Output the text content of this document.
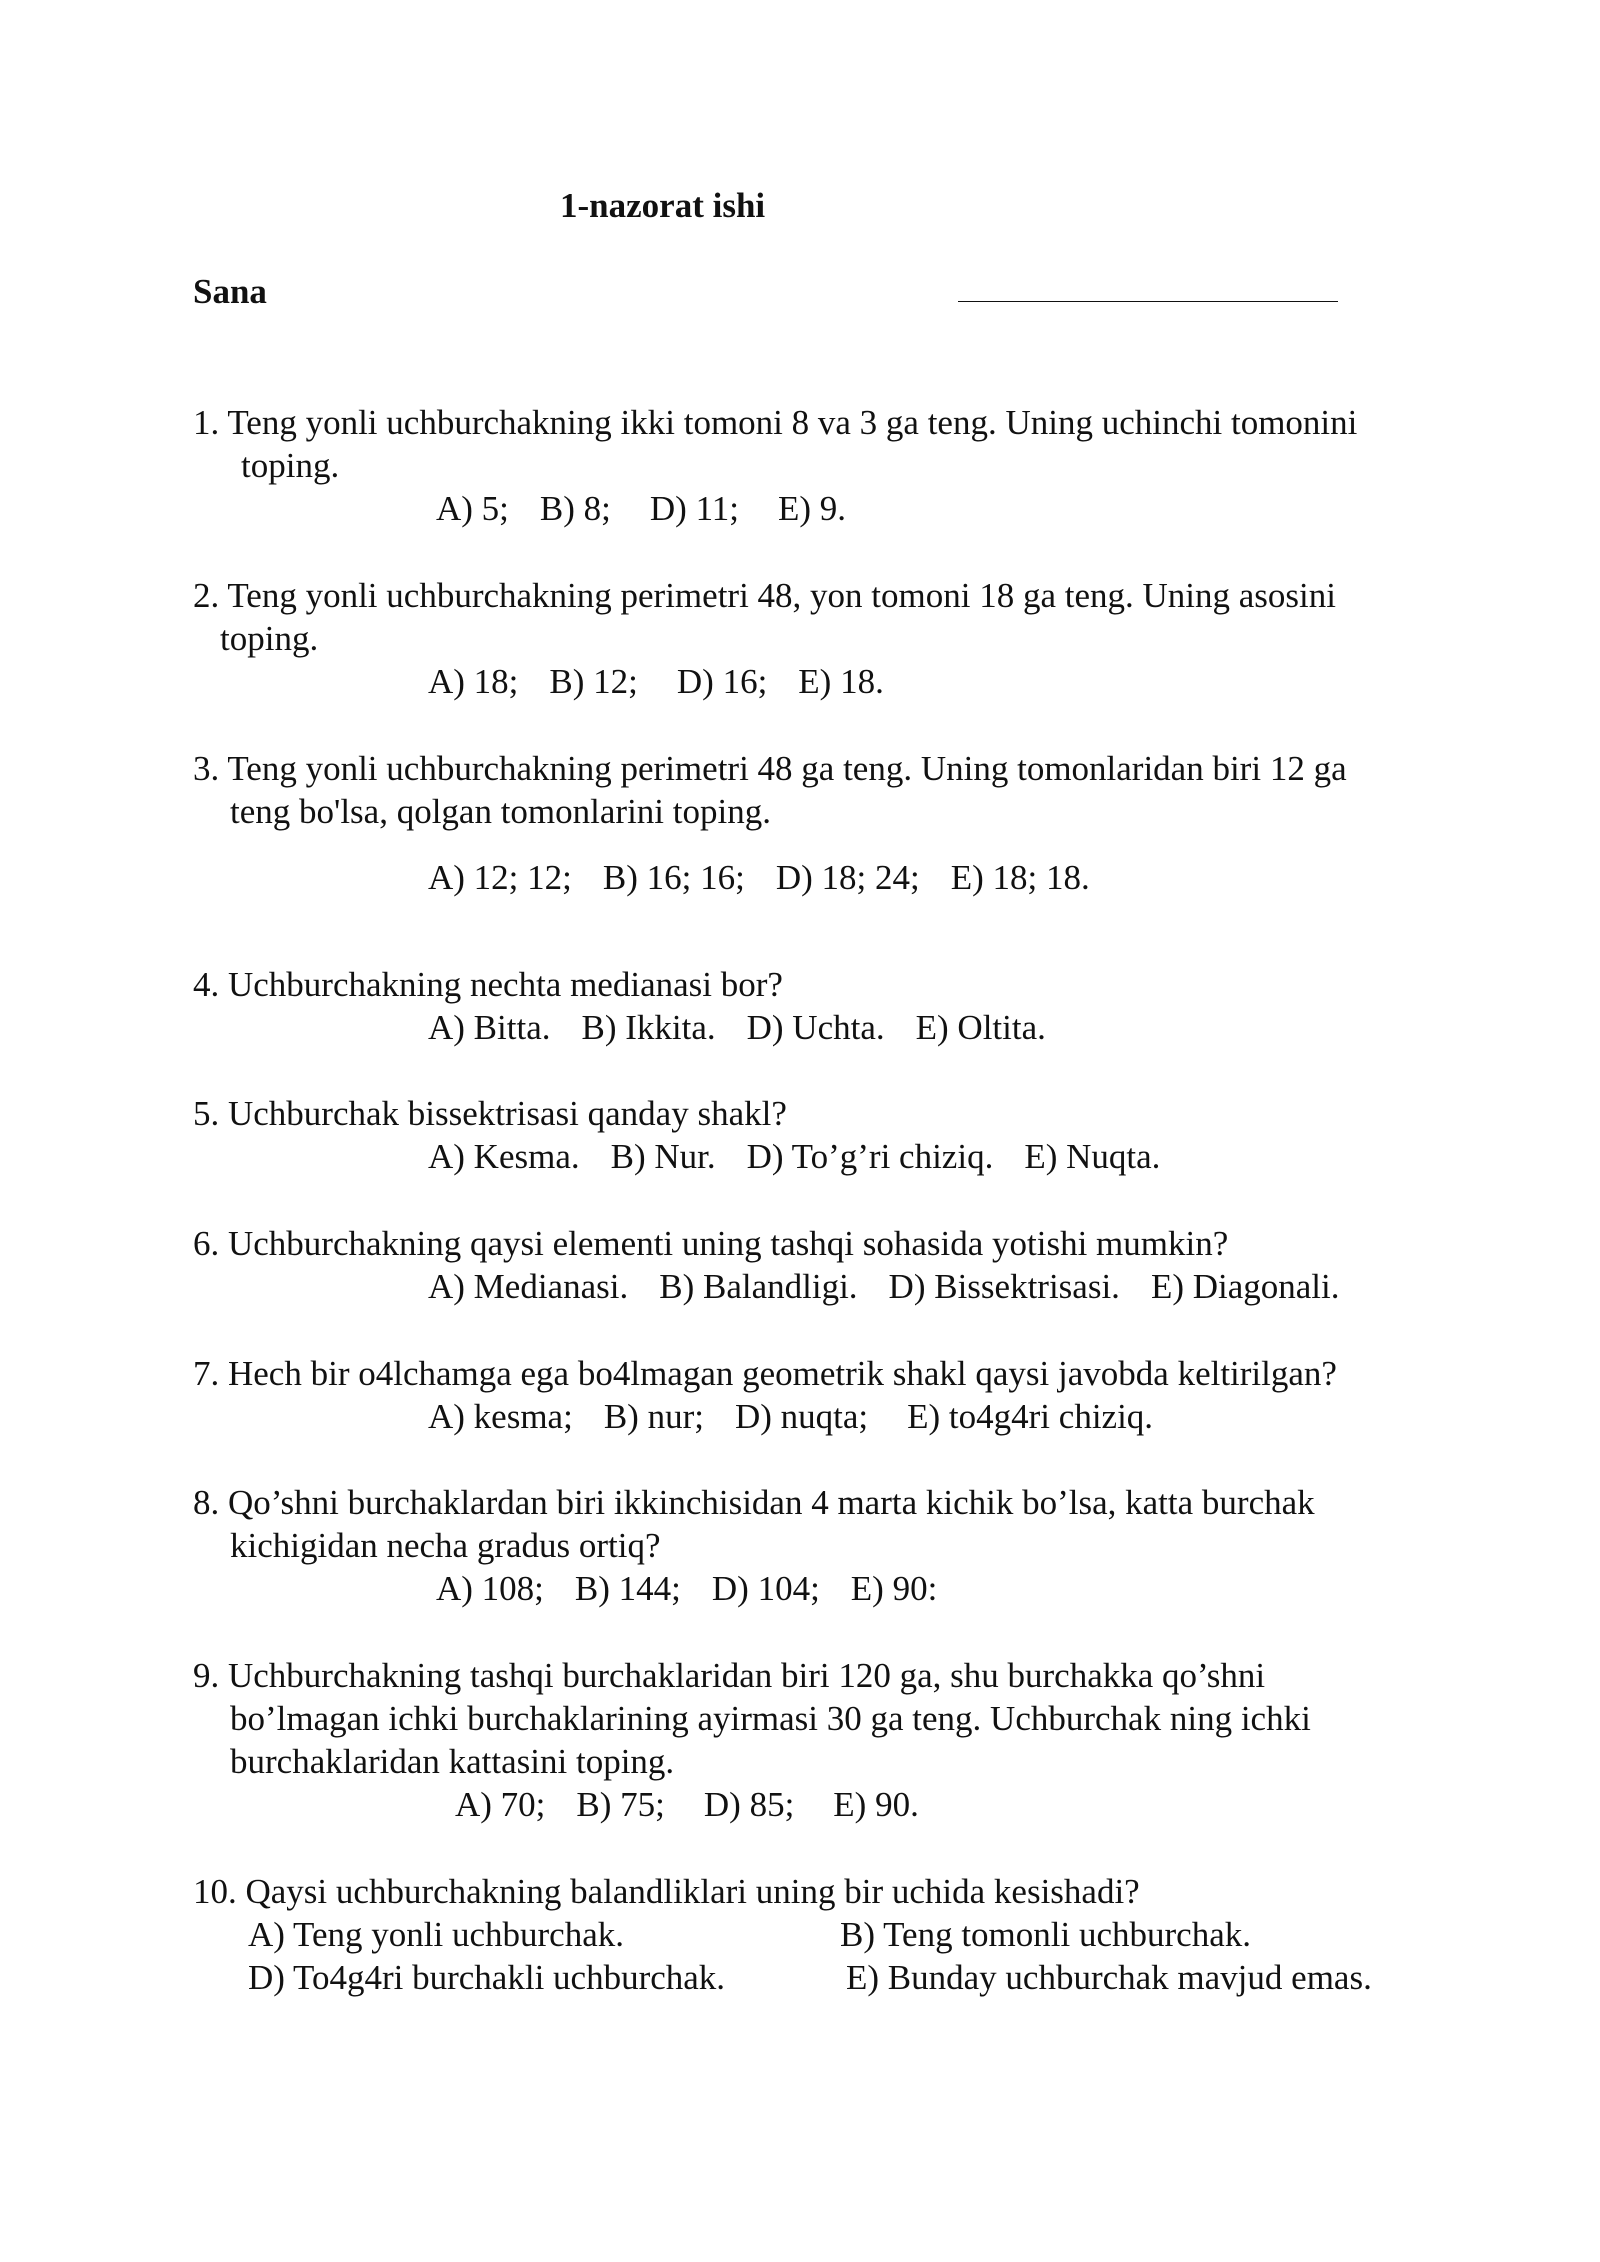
1-nazorat ishi
Sana
1. Teng yonli uchburchakning ikki tomoni 8 va 3 ga teng. Uning uchinchi tomonini
toping.
A) 5; B) 8; D) 11; E) 9.
2. Teng yonli uchburchakning perimetri 48, yon tomoni 18 ga teng. Uning asosini
toping.
A) 18; B) 12; D) 16; E) 18.
3. Teng yonli uchburchakning perimetri 48 ga teng. Uning tomonlaridan biri 12 ga
teng bo'lsa, qolgan tomonlarini toping.
A) 12; 12; B) 16; 16; D) 18; 24; E) 18; 18.
4. Uchburchakning nechta medianasi bor?
A) Bitta. B) Ikkita. D) Uchta. E) Oltita.
5. Uchburchak bissektrisasi qanday shakl?
A) Kesma. B) Nur. D) To’g’ri chiziq. E) Nuqta.
6. Uchburchakning qaysi elementi uning tashqi sohasida yotishi mumkin?
A) Medianasi. B) Balandligi. D) Bissektrisasi. E) Diagonali.
7. Hech bir o4lchamga ega bo4lmagan geometrik shakl qaysi javobda keltirilgan?
A) kesma; B) nur; D) nuqta; E) to4g4ri chiziq.
8. Qo’shni burchaklardan biri ikkinchisidan 4 marta kichik bo’lsa, katta burchak
kichigidan necha gradus ortiq?
A) 108; B) 144; D) 104; E) 90:
9. Uchburchakning tashqi burchaklaridan biri 120 ga, shu burchakka qo’shni
bo’lmagan ichki burchaklarining ayirmasi 30 ga teng. Uchburchak ning ichki
burchaklaridan kattasini toping.
A) 70; B) 75; D) 85; E) 90.
10. Qaysi uchburchakning balandliklari uning bir uchida kesishadi?
A) Teng yonli uchburchak.	B) Teng tomonli uchburchak.
D) To4g4ri burchakli uchburchak.	E) Bunday uchburchak mavjud emas.
